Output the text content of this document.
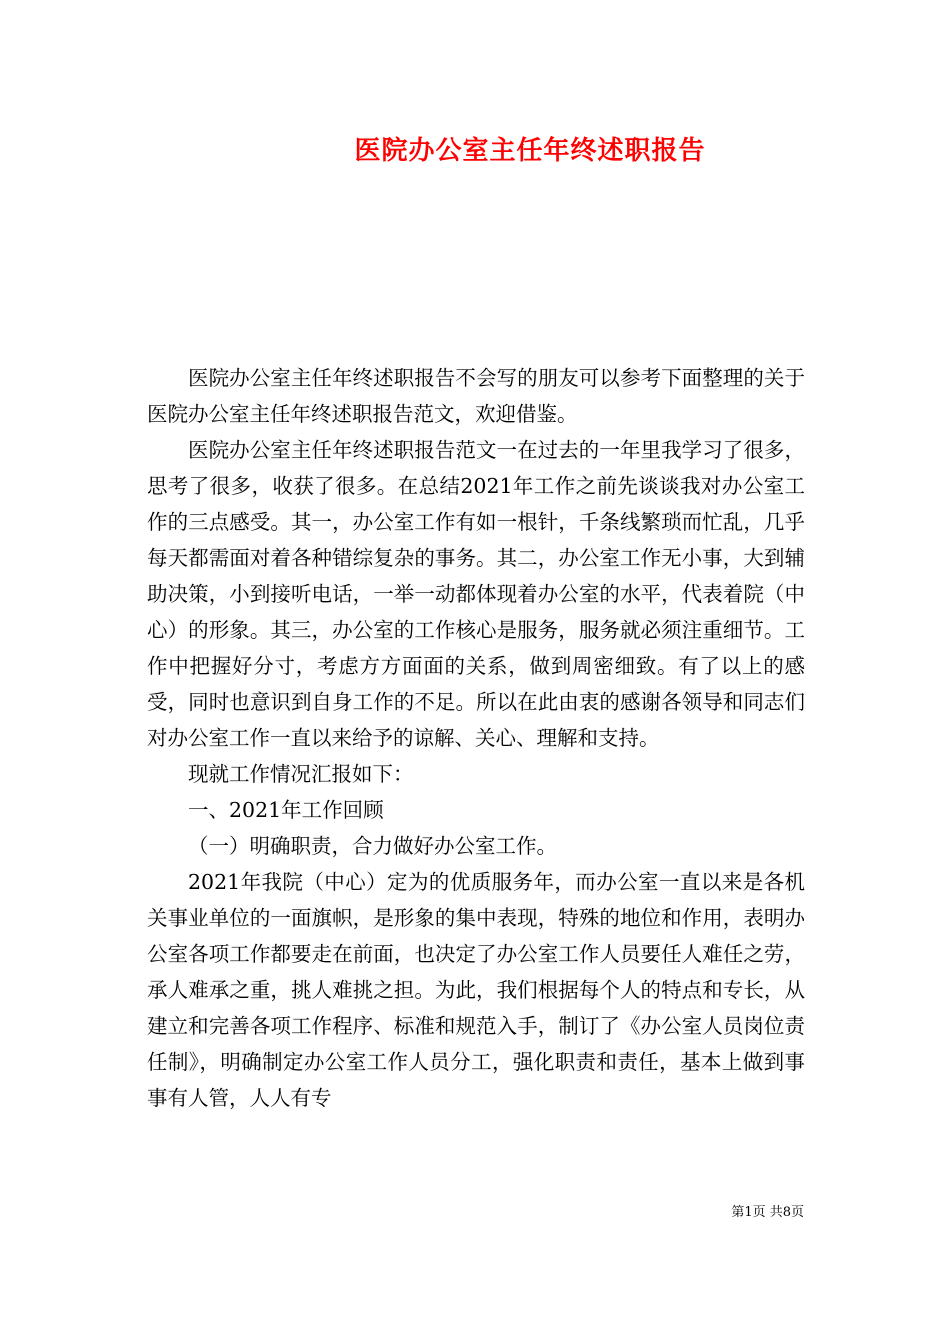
医院办公室主任年终述职报告

医院办公室主任年终述职报告不会写的朋友可以参考下面整理的关于医院办公室主任年终述职报告范文，欢迎借鉴。

医院办公室主任年终述职报告范文一在过去的一年里我学习了很多，思考了很多，收获了很多。在总结2021年工作之前先谈谈我对办公室工作的三点感受。其一，办公室工作有如一根针，千条线繁琐而忙乱，几乎每天都需面对着各种错综复杂的事务。其二，办公室工作无小事，大到辅助决策，小到接听电话，一举一动都体现着办公室的水平，代表着院（中心）的形象。其三，办公室的工作核心是服务，服务就必须注重细节。工作中把握好分寸，考虑方方面面的关系，做到周密细致。有了以上的感受，同时也意识到自身工作的不足。所以在此由衷的感谢各领导和同志们对办公室工作一直以来给予的谅解、关心、理解和支持。

现就工作情况汇报如下：

一、2021年工作回顾

（一）明确职责，合力做好办公室工作。

2021年我院（中心）定为的优质服务年，而办公室一直以来是各机关事业单位的一面旗帜，是形象的集中表现，特殊的地位和作用，表明办公室各项工作都要走在前面，也决定了办公室工作人员要任人难任之劳，承人难承之重，挑人难挑之担。为此，我们根据每个人的特点和专长，从建立和完善各项工作程序、标准和规范入手，制订了《办公室人员岗位责任制》，明确制定办公室工作人员分工，强化职责和责任，基本上做到事事有人管，人人有专

第1页 共8页
